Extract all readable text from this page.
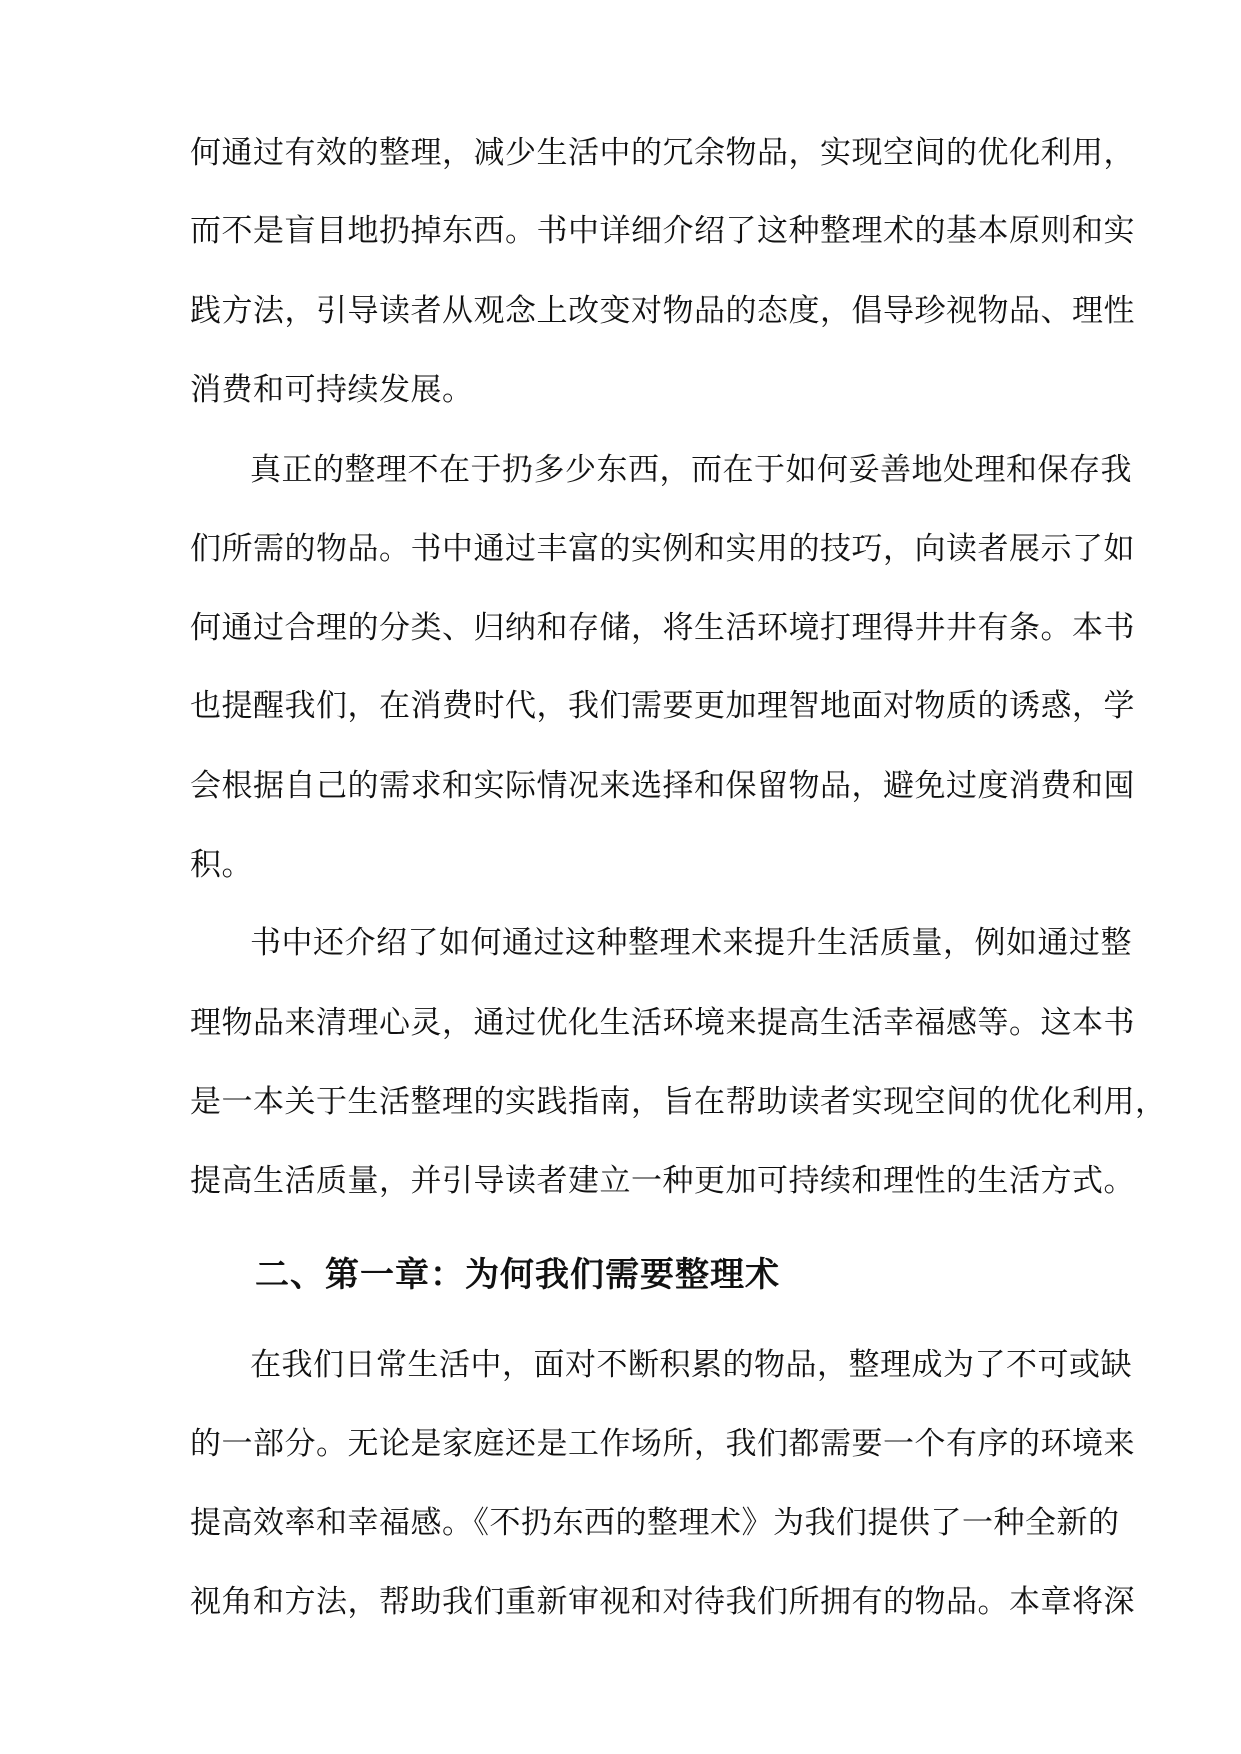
何通过有效的整理，减少生活中的冗余物品，实现空间的优化利用，
而不是盲目地扔掉东西。书中详细介绍了这种整理术的基本原则和实
践方法，引导读者从观念上改变对物品的态度，倡导珍视物品、理性
消费和可持续发展。
真正的整理不在于扔多少东西，而在于如何妥善地处理和保存我
们所需的物品。书中通过丰富的实例和实用的技巧，向读者展示了如
何通过合理的分类、归纳和存储，将生活环境打理得井井有条。本书
也提醒我们，在消费时代，我们需要更加理智地面对物质的诱惑，学
会根据自己的需求和实际情况来选择和保留物品，避免过度消费和囤
积。
书中还介绍了如何通过这种整理术来提升生活质量，例如通过整
理物品来清理心灵，通过优化生活环境来提高生活幸福感等。这本书
是一本关于生活整理的实践指南，旨在帮助读者实现空间的优化利用，
提高生活质量，并引导读者建立一种更加可持续和理性的生活方式。
二、第一章：为何我们需要整理术
在我们日常生活中，面对不断积累的物品，整理成为了不可或缺
的一部分。无论是家庭还是工作场所，我们都需要一个有序的环境来
提高效率和幸福感。《不扔东西的整理术》为我们提供了一种全新的
视角和方法，帮助我们重新审视和对待我们所拥有的物品。本章将深
